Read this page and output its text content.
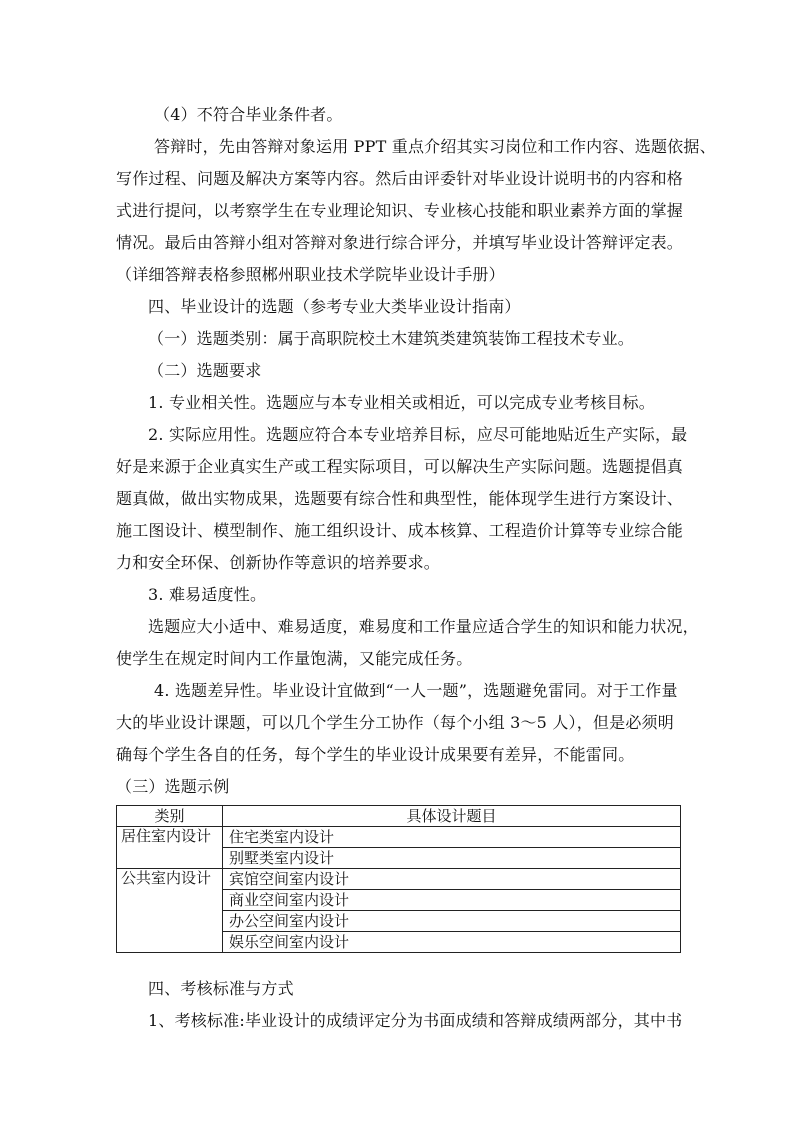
（4）不符合毕业条件者。
答辩时，先由答辩对象运用 PPT 重点介绍其实习岗位和工作内容、选题依据、
写作过程、问题及解决方案等内容。然后由评委针对毕业设计说明书的内容和格
式进行提问，以考察学生在专业理论知识、专业核心技能和职业素养方面的掌握
情况。最后由答辩小组对答辩对象进行综合评分，并填写毕业设计答辩评定表。
（详细答辩表格参照郴州职业技术学院毕业设计手册）
四、毕业设计的选题（参考专业大类毕业设计指南）
（一）选题类别：属于高职院校土木建筑类建筑装饰工程技术专业。
（二）选题要求
1. 专业相关性。选题应与本专业相关或相近，可以完成专业考核目标。
2. 实际应用性。选题应符合本专业培养目标，应尽可能地贴近生产实际，最
好是来源于企业真实生产或工程实际项目，可以解决生产实际问题。选题提倡真
题真做，做出实物成果，选题要有综合性和典型性，能体现学生进行方案设计、
施工图设计、模型制作、施工组织设计、成本核算、工程造价计算等专业综合能
力和安全环保、创新协作等意识的培养要求。
3. 难易适度性。
选题应大小适中、难易适度，难易度和工作量应适合学生的知识和能力状况，
使学生在规定时间内工作量饱满，又能完成任务。
4. 选题差异性。毕业设计宜做到“一人一题”，选题避免雷同。对于工作量
大的毕业设计课题，可以几个学生分工协作（每个小组 3～5 人），但是必须明
确每个学生各自的任务，每个学生的毕业设计成果要有差异，不能雷同。
（三）选题示例
类别	具体设计题目
居住室内设计	住宅类室内设计
	别墅类室内设计
公共室内设计	宾馆空间室内设计
	商业空间室内设计
	办公空间室内设计
	娱乐空间室内设计
四、考核标准与方式
1、考核标准:毕业设计的成绩评定分为书面成绩和答辩成绩两部分，其中书
